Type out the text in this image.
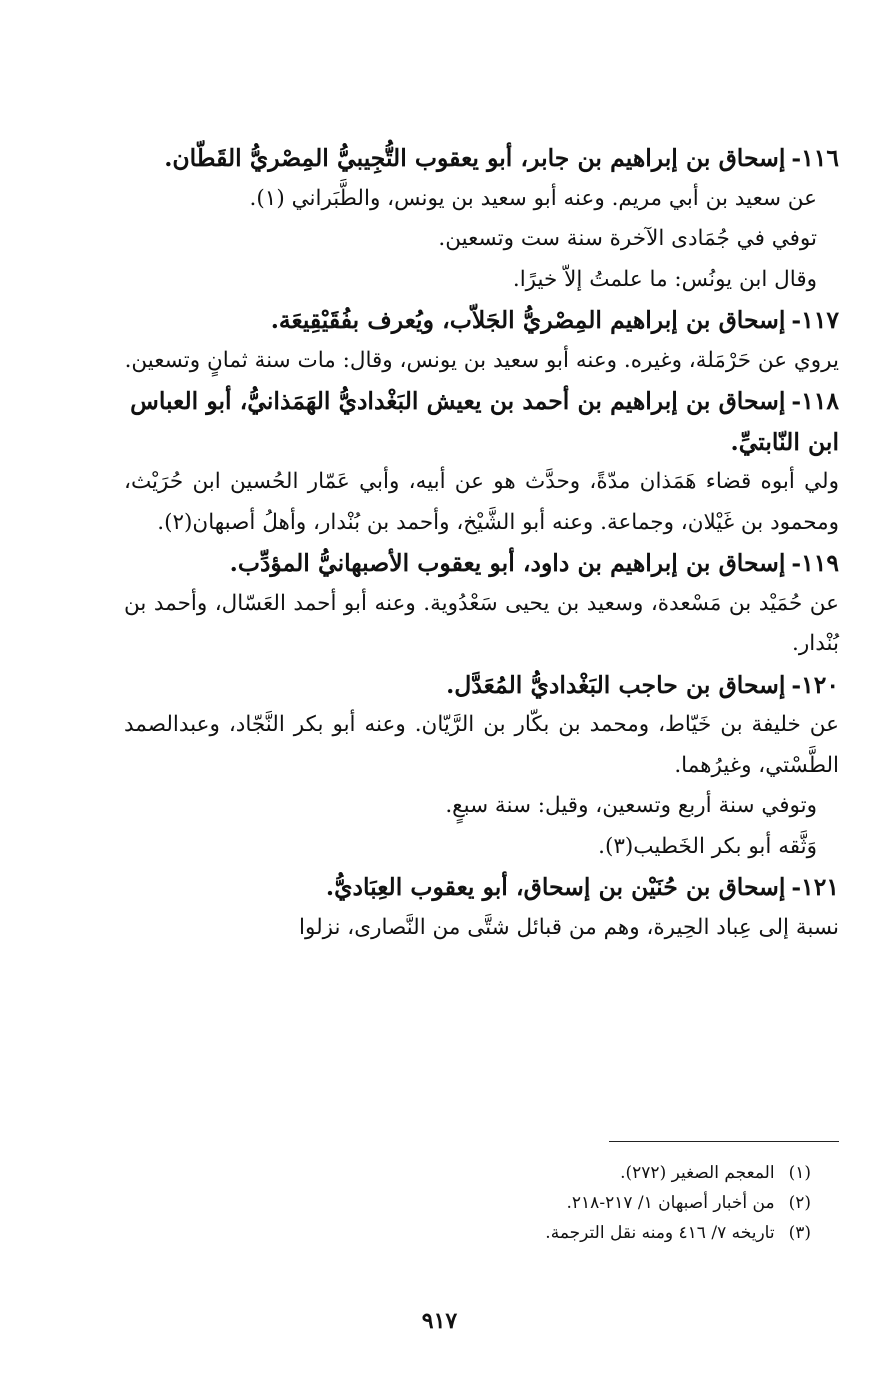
١١٦-إسحاق بن إبراهيم بن جابر، أبو يعقوب التُّجِيبيُّ المِصْريُّ القَطّان.

عن سعيد بن أبي مريم. وعنه أبو سعيد بن يونس، والطَّبَراني (١).

توفي في جُمَادى الآخرة سنة ست وتسعين.

وقال ابن يونُس: ما علمتُ إلاّ خيرًا.

١١٧-إسحاق بن إبراهيم المِصْريُّ الجَلاّب، ويُعرف بفُقَيْقِيعَة.

يروي عن حَرْمَلة، وغيره. وعنه أبو سعيد بن يونس، وقال: مات سنة ثمانٍ وتسعين.

١١٨-إسحاق بن إبراهيم بن أحمد بن يعيش البَغْداديُّ الهَمَذانيُّ، أبو العباس ابن النّابتيِّ.

ولي أبوه قضاء هَمَذان مدّةً، وحدَّث هو عن أبيه، وأبي عَمّار الحُسين ابن حُرَيْث، ومحمود بن غَيْلان، وجماعة. وعنه أبو الشَّيْخ، وأحمد بن بُنْدار، وأهلُ أصبهان(٢).

١١٩-إسحاق بن إبراهيم بن داود، أبو يعقوب الأصبهانيُّ المؤدِّب.

عن حُمَيْد بن مَسْعدة، وسعيد بن يحيى سَعْدُوية. وعنه أبو أحمد العَسّال، وأحمد بن بُنْدار.

١٢٠-إسحاق بن حاجب البَغْداديُّ المُعَدَّل.

عن خليفة بن خَيّاط، ومحمد بن بكّار بن الرَّيّان. وعنه أبو بكر النَّجّاد، وعبدالصمد الطَّسْتي، وغيرُهما.

وتوفي سنة أربع وتسعين، وقيل: سنة سبعٍ.

وَثَّقه أبو بكر الخَطيب(٣).

١٢١-إسحاق بن حُنَيْن بن إسحاق، أبو يعقوب العِبَاديُّ.

نسبة إلى عِباد الحِيرة، وهم من قبائل شتَّى من النَّصارى، نزلوا

(١)المعجم الصغير (٢٧٢).

(٢)من أخبار أصبهان ١/ ٢١٧-٢١٨.

(٣)تاريخه ٧/ ٤١٦ ومنه نقل الترجمة.

٩١٧
